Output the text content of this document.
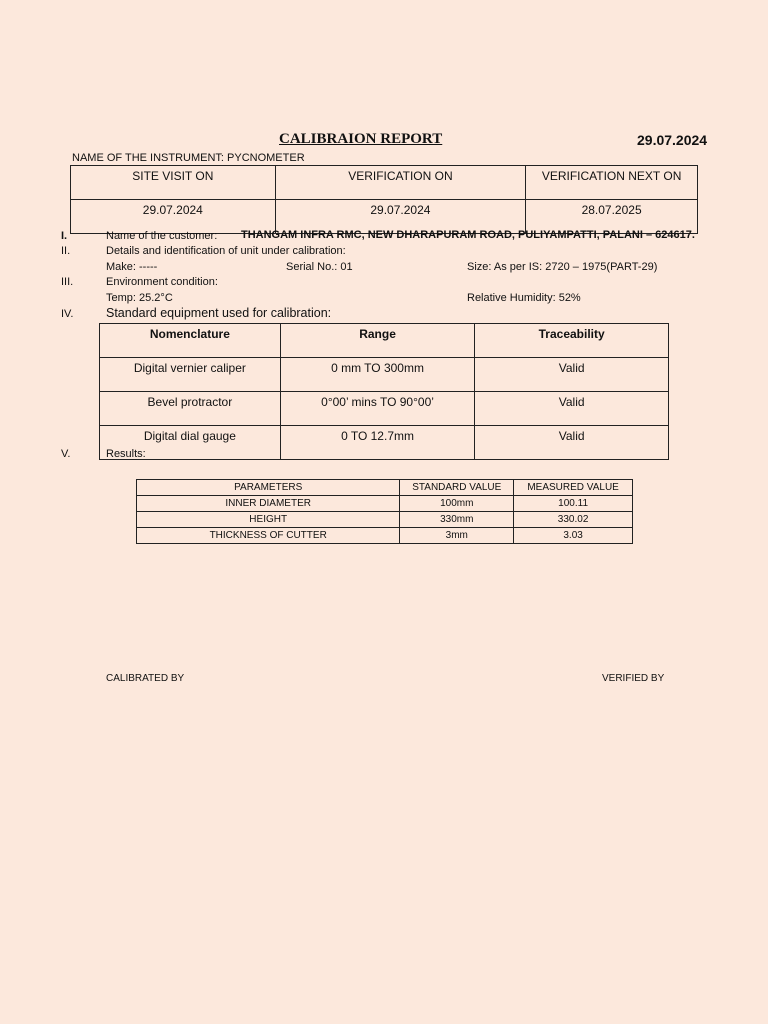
CALIBRAION REPORT	29.07.2024
NAME OF THE INSTRUMENT: PYCNOMETER
SITE VISIT ON	VERIFICATION ON	VERIFICATION NEXT ON
29.07.2024	29.07.2024	28.07.2025
I.	Name of the customer: THANGAM INFRA RMC, NEW DHARAPURAM ROAD, PULIYAMPATTI, PALANI – 624617.
II.	Details and identification of unit under calibration:
Make: -----	Serial No.: 01	Size: As per IS: 2720 – 1975(PART-29)
III.	Environment condition:
Temp: 25.2°C	Relative Humidity: 52%
IV.	Standard equipment used for calibration:
Nomenclature	Range	Traceability
Digital vernier caliper	0 mm TO 300mm	Valid
Bevel protractor	0°00’ mins TO 90°00’	Valid
Digital dial gauge	0 TO 12.7mm	Valid
V.	Results:
PARAMETERS	STANDARD VALUE	MEASURED VALUE
INNER DIAMETER	100mm	100.11
HEIGHT	330mm	330.02
THICKNESS OF CUTTER	3mm	3.03
CALIBRATED BY	VERIFIED BY
